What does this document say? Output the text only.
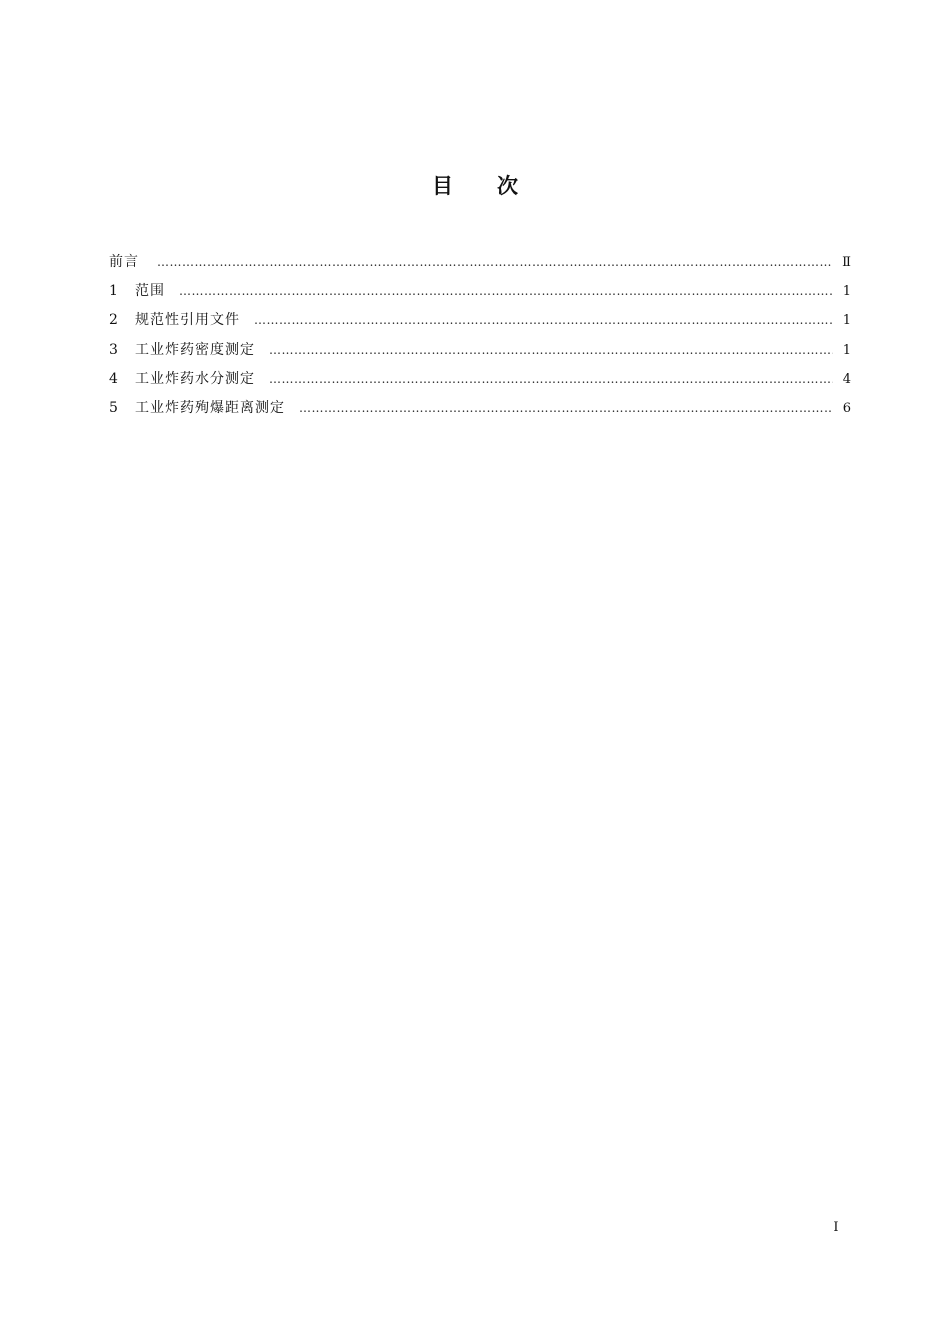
目 次
前言 ………………………………………………………………………………………………………………………………………………………………………………………………………………………………………………………………………………………………………………………………	Ⅱ
1	范围 ………………………………………………………………………………………………………………………………………………………………………………………………………………………………………………………………………………………………………………………………	1
2	规范性引用文件 ………………………………………………………………………………………………………………………………………………………………………………………………………………………………………………………………………………………………………………………………	1
3	工业炸药密度测定 ………………………………………………………………………………………………………………………………………………………………………………………………………………………………………………………………………………………………………………………………	1
4	工业炸药水分测定 ………………………………………………………………………………………………………………………………………………………………………………………………………………………………………………………………………………………………………………………………	4
5	工业炸药殉爆距离测定 ………………………………………………………………………………………………………………………………………………………………………………………………………………………………………………………………………………………………………………………………	6
I
